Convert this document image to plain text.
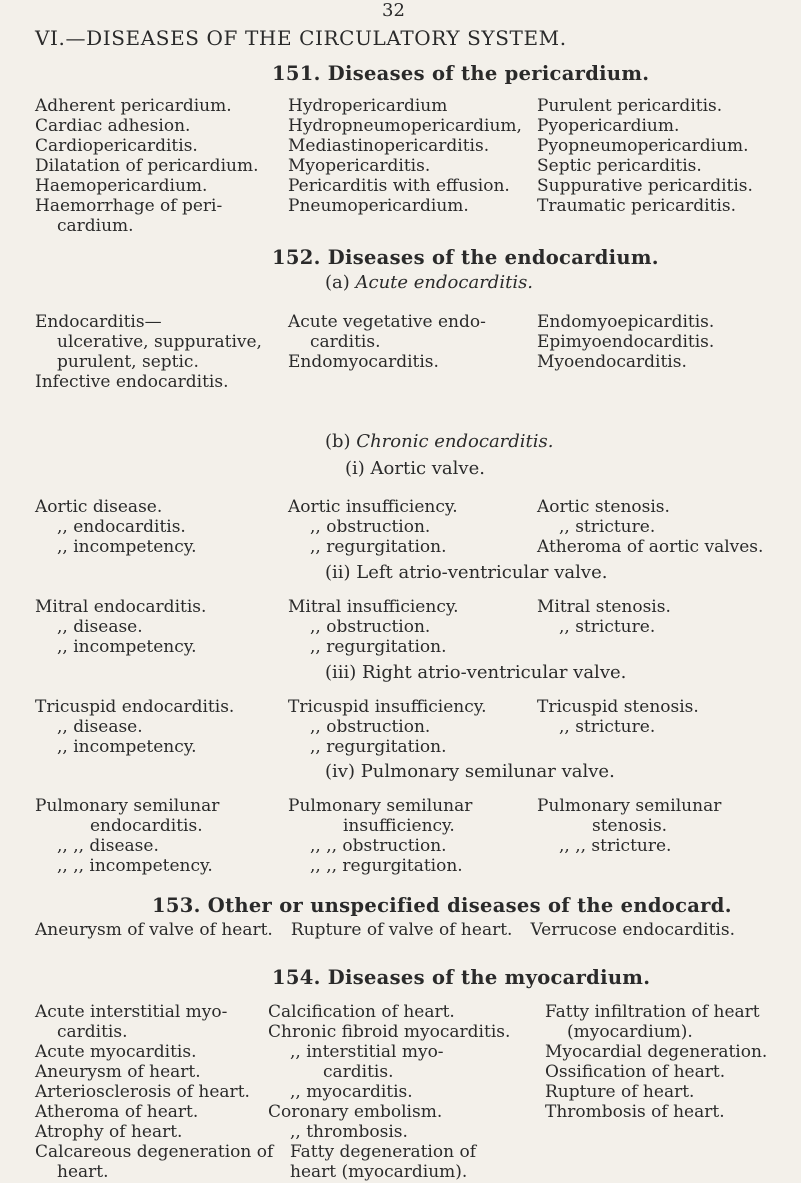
32
VI.—DISEASES OF THE CIRCULATORY SYSTEM.
151. Diseases of the pericardium.
Adherent pericardium.
Cardiac adhesion.
Cardiopericarditis.
Dilatation of pericardium.
Haemopericardium.
Haemorrhage of peri-
cardium.
Hydropericardium
Hydropneumopericardium,
Mediastinopericarditis.
Myopericarditis.
Pericarditis with effusion.
Pneumopericardium.
Purulent pericarditis.
Pyopericardium.
Pyopneumopericardium.
Septic pericarditis.
Suppurative pericarditis.
Traumatic pericarditis.
152. Diseases of the endocardium.
(a) Acute endocarditis.
Endocarditis—
ulcerative, suppurative,
purulent, septic.
Infective endocarditis.
Acute vegetative endo-
carditis.
Endomyocarditis.
Endomyoepicarditis.
Epimyoendocarditis.
Myoendocarditis.
(b) Chronic endocarditis.
(i) Aortic valve.
Aortic disease.
,, endocarditis.
,, incompetency.
Aortic insufficiency.
,, obstruction.
,, regurgitation.
Aortic stenosis.
,, stricture.
Atheroma of aortic valves.
(ii) Left atrio-ventricular valve.
Mitral endocarditis.
,, disease.
,, incompetency.
Mitral insufficiency.
,, obstruction.
,, regurgitation.
Mitral stenosis.
,, stricture.
(iii) Right atrio-ventricular valve.
Tricuspid endocarditis.
,, disease.
,, incompetency.
Tricuspid insufficiency.
,, obstruction.
,, regurgitation.
Tricuspid stenosis.
,, stricture.
(iv) Pulmonary semilunar valve.
Pulmonary semilunar
endocarditis.
,, ,, disease.
,, ,, incompetency.
Pulmonary semilunar
insufficiency.
,, ,, obstruction.
,, ,, regurgitation.
Pulmonary semilunar
stenosis.
,, ,, stricture.
153. Other or unspecified diseases of the endocard.
Aneurysm of valve of heart. Rupture of valve of heart. Verrucose endocarditis.
154. Diseases of the myocardium.
Acute interstitial myo-
carditis.
Acute myocarditis.
Aneurysm of heart.
Arteriosclerosis of heart.
Atheroma of heart.
Atrophy of heart.
Calcareous degeneration of
heart.
Calcification of heart.
Chronic fibroid myocarditis.
,, interstitial myo-
carditis.
,, myocarditis.
Coronary embolism.
,, thrombosis.
Fatty degeneration of
heart (myocardium).
Fatty infiltration of heart
(myocardium).
Myocardial degeneration.
Ossification of heart.
Rupture of heart.
Thrombosis of heart.
